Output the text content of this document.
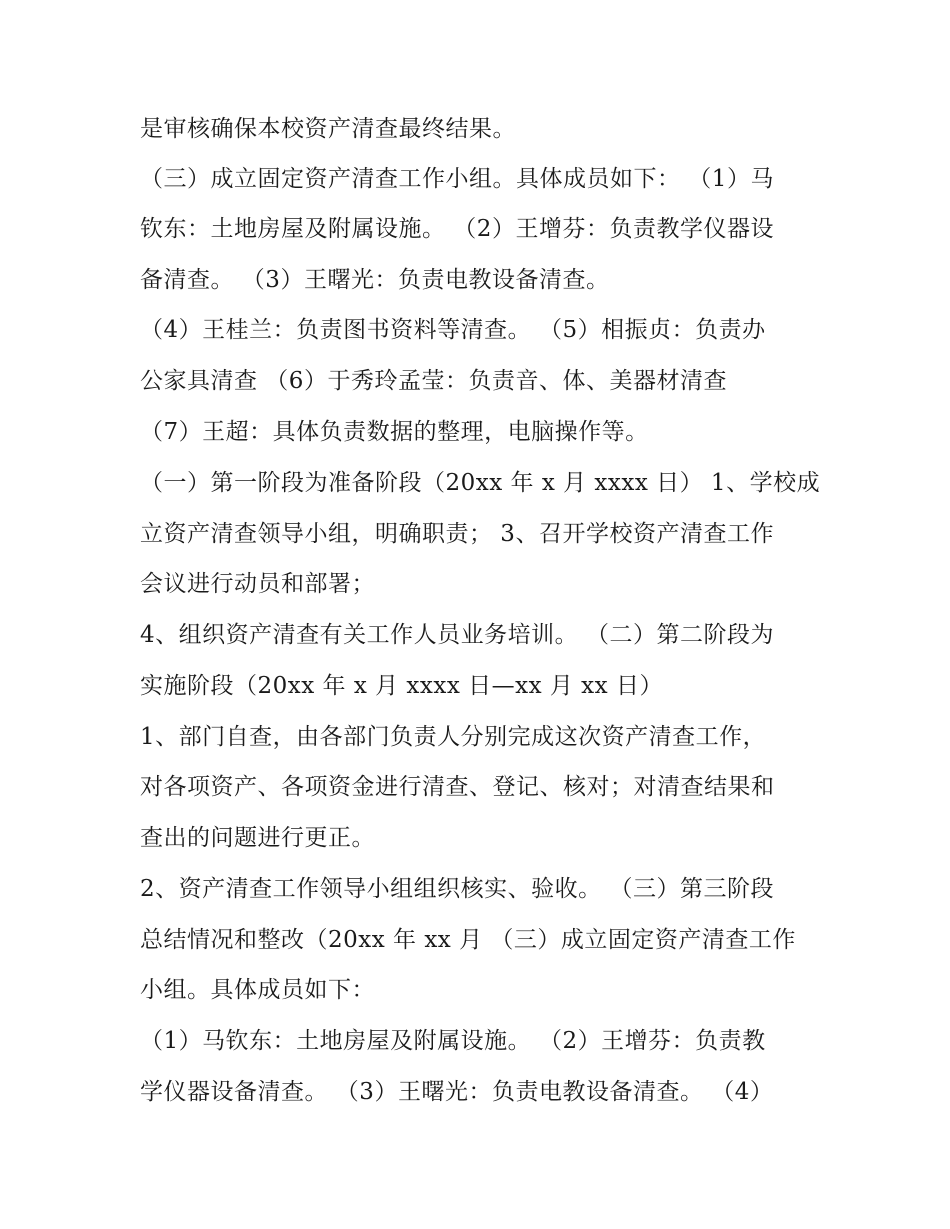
是审核确保本校资产清查最终结果。
（三）成立固定资产清查工作小组。具体成员如下： （1）马
钦东：土地房屋及附属设施。 （2）王增芬：负责教学仪器设
备清查。 （3）王曙光：负责电教设备清查。
（4）王桂兰：负责图书资料等清查。 （5）相振贞：负责办
公家具清查 （6）于秀玲孟莹：负责音、体、美器材清查
（7）王超：具体负责数据的整理，电脑操作等。
（一）第一阶段为准备阶段（20xx 年 x 月 xxxx 日） 1、学校成
立资产清查领导小组，明确职责； 3、召开学校资产清查工作
会议进行动员和部署；
4、组织资产清查有关工作人员业务培训。 （二）第二阶段为
实施阶段（20xx 年 x 月 xxxx 日—xx 月 xx 日）
1、部门自查，由各部门负责人分别完成这次资产清查工作，
对各项资产、各项资金进行清查、登记、核对；对清查结果和
查出的问题进行更正。
2、资产清查工作领导小组组织核实、验收。 （三）第三阶段
总结情况和整改（20xx 年 xx 月 （三）成立固定资产清查工作
小组。具体成员如下：
（1）马钦东：土地房屋及附属设施。 （2）王增芬：负责教
学仪器设备清查。 （3）王曙光：负责电教设备清查。 （4）
